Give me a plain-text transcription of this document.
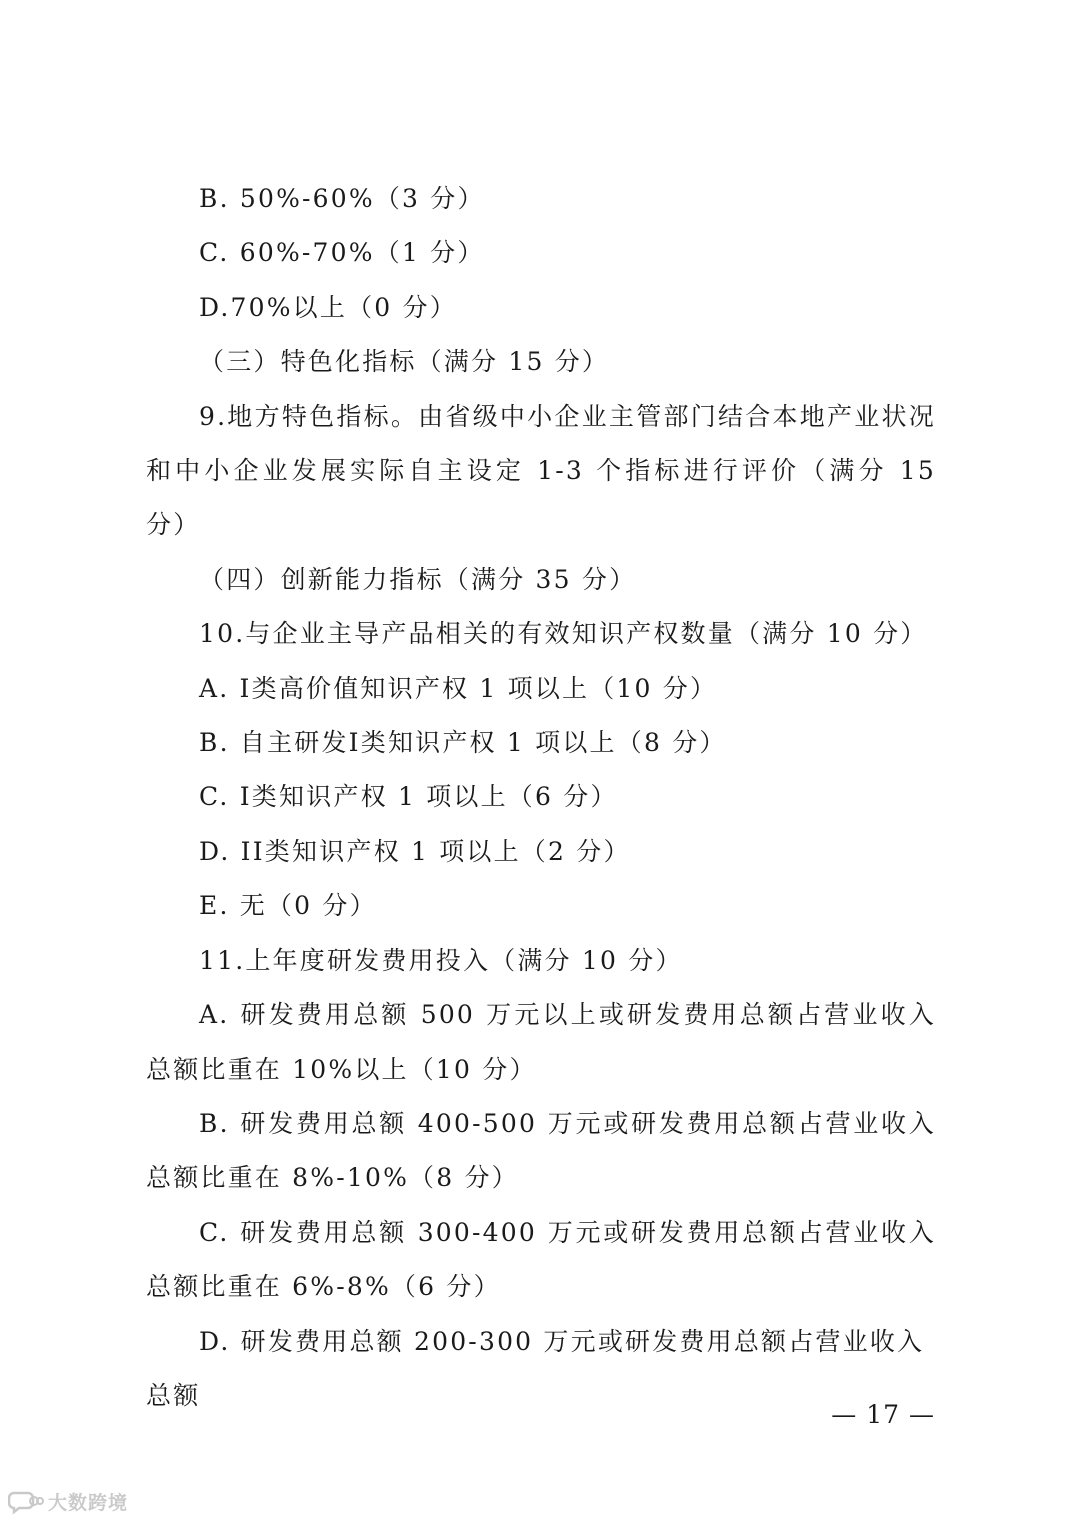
B. 50%-60%（3 分）

C. 60%-70%（1 分）

D.70%以上（0 分）

（三）特色化指标（满分 15 分）

9.地方特色指标。由省级中小企业主管部门结合本地产业状况和中小企业发展实际自主设定 1-3 个指标进行评价（满分 15 分）

（四）创新能力指标（满分 35 分）

10.与企业主导产品相关的有效知识产权数量（满分 10 分）

A. I类高价值知识产权 1 项以上（10 分）

B. 自主研发I类知识产权 1 项以上（8 分）

C. I类知识产权 1 项以上（6 分）

D. II类知识产权 1 项以上（2 分）

E. 无（0 分）

11.上年度研发费用投入（满分 10 分）

A. 研发费用总额 500 万元以上或研发费用总额占营业收入总额比重在 10%以上（10 分）

B. 研发费用总额 400-500 万元或研发费用总额占营业收入总额比重在 8%-10%（8 分）

C. 研发费用总额 300-400 万元或研发费用总额占营业收入总额比重在 6%-8%（6 分）

D. 研发费用总额 200-300 万元或研发费用总额占营业收入总额

— 17 —
大数跨境
